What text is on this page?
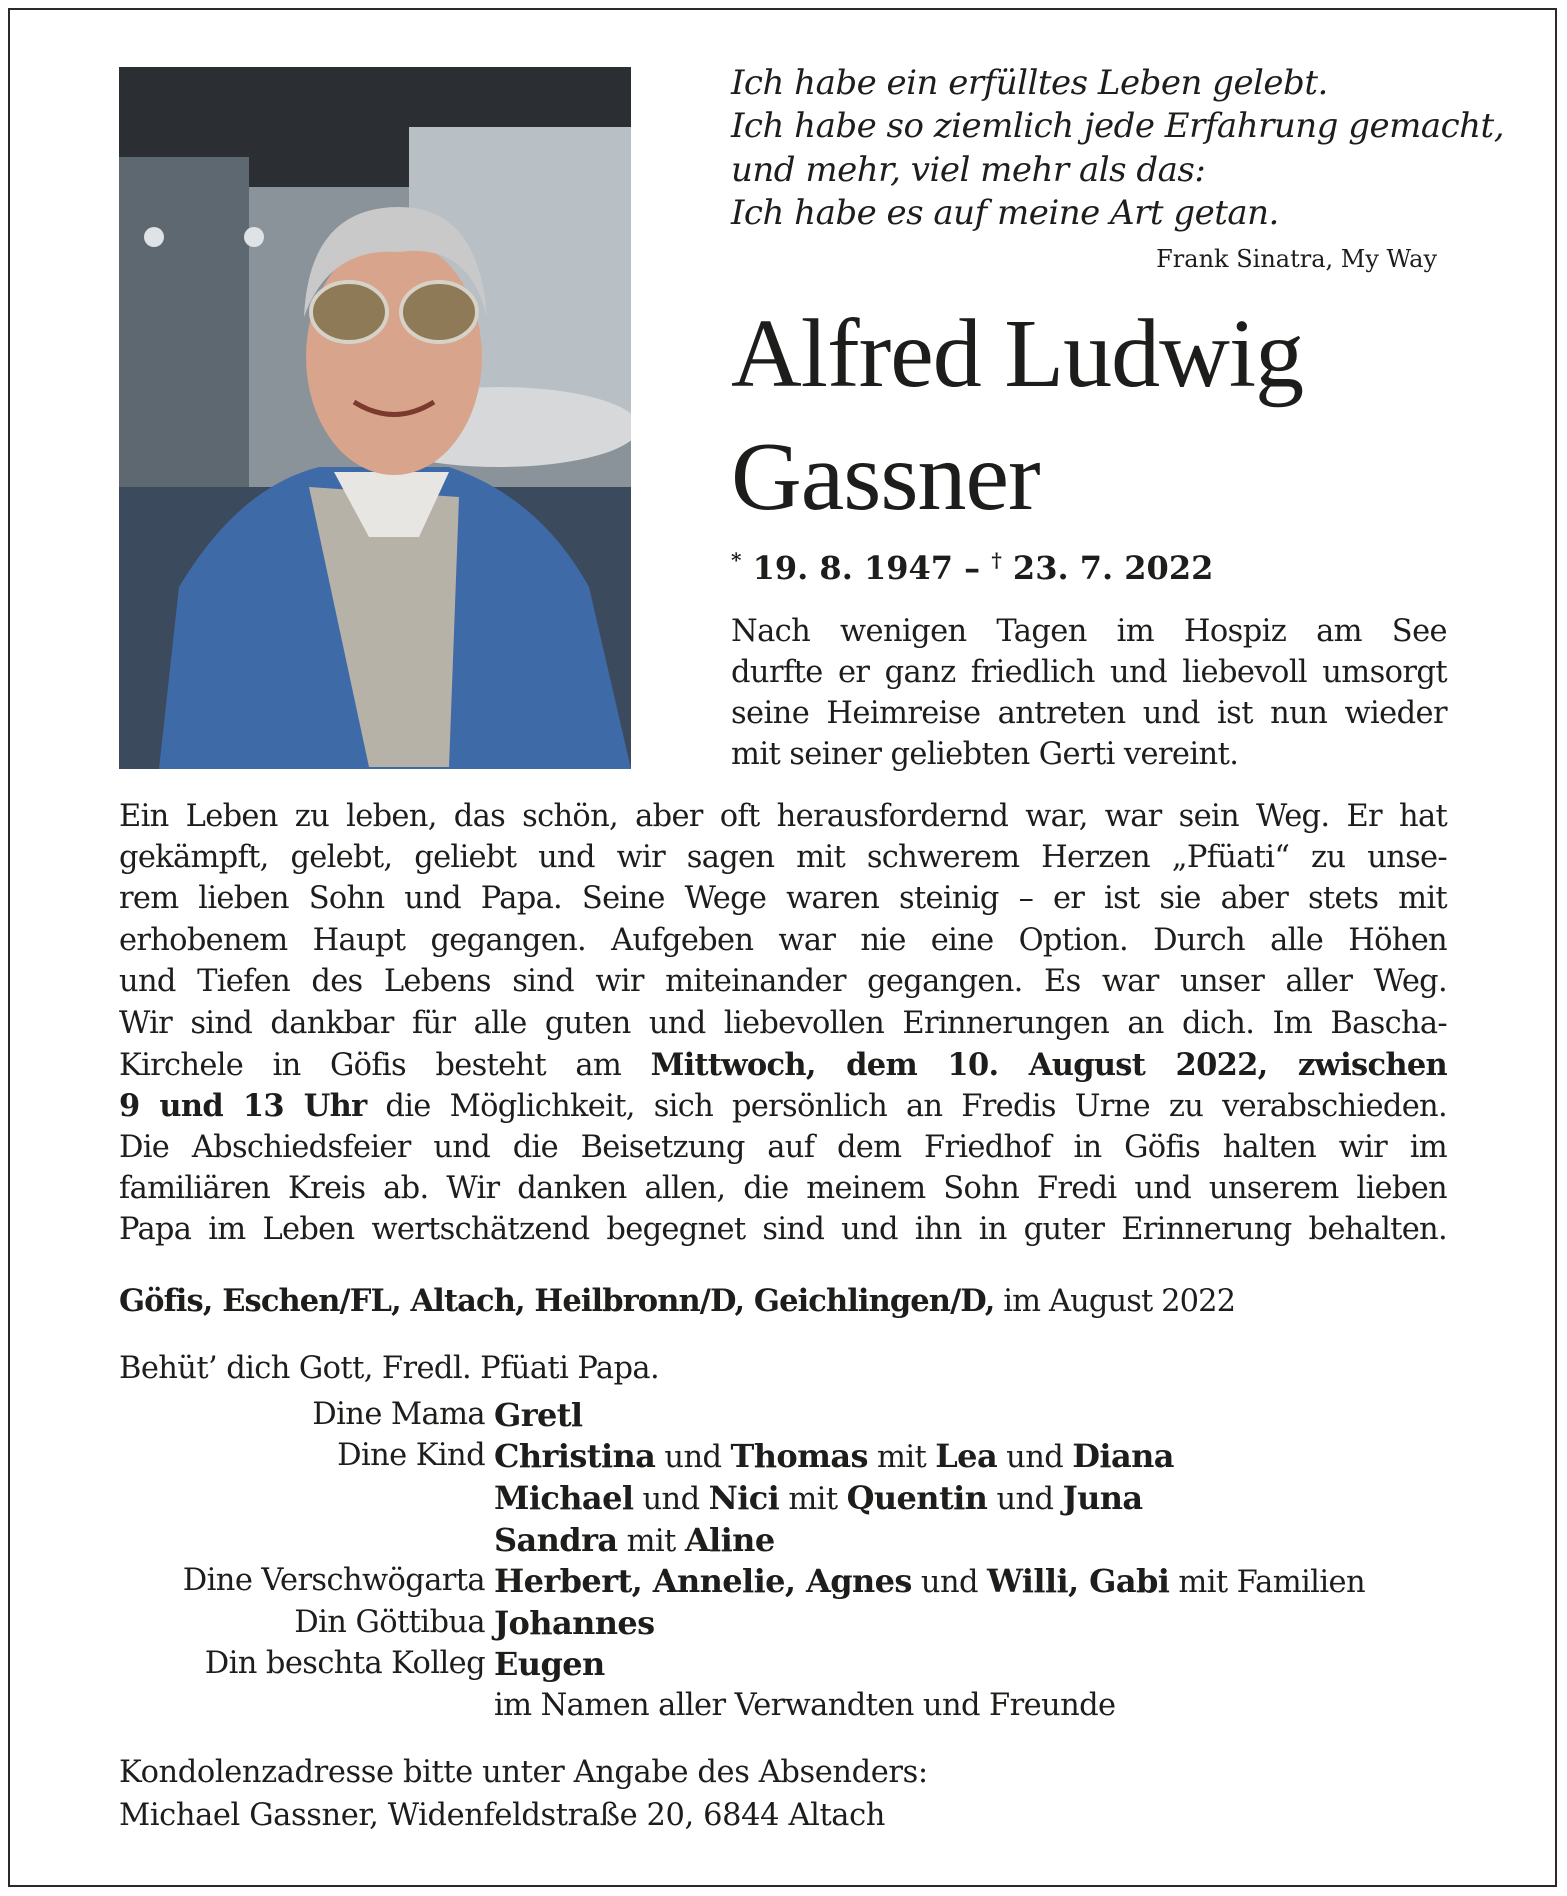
Ich habe ein erfülltes Leben gelebt.
Ich habe so ziemlich jede Erfahrung gemacht,
und mehr, viel mehr als das:
Ich habe es auf meine Art getan.
Frank Sinatra, My Way
Alfred Ludwig
Gassner
* 19. 8. 1947 – † 23. 7. 2022
Nach wenigen Tagen im Hospiz am See
durfte er ganz friedlich und liebevoll umsorgt
seine Heimreise antreten und ist nun wieder
mit seiner geliebten Gerti vereint.
Ein Leben zu leben, das schön, aber oft herausfordernd war, war sein Weg. Er hat
gekämpft, gelebt, geliebt und wir sagen mit schwerem Herzen „Pfüati“ zu unse-
rem lieben Sohn und Papa. Seine Wege waren steinig – er ist sie aber stets mit
erhobenem Haupt gegangen. Aufgeben war nie eine Option. Durch alle Höhen
und Tiefen des Lebens sind wir miteinander gegangen. Es war unser aller Weg.
Wir sind dankbar für alle guten und liebevollen Erinnerungen an dich. Im Bascha-
Kirchele in Göfis besteht am Mittwoch, dem 10. August 2022, zwischen
9 und 13 Uhr die Möglichkeit, sich persönlich an Fredis Urne zu verabschieden.
Die Abschiedsfeier und die Beisetzung auf dem Friedhof in Göfis halten wir im
familiären Kreis ab. Wir danken allen, die meinem Sohn Fredi und unserem lieben
Papa im Leben wertschätzend begegnet sind und ihn in guter Erinnerung behalten.
Göfis, Eschen/FL, Altach, Heilbronn/D, Geichlingen/D, im August 2022
Behüt’ dich Gott, Fredl. Pfüati Papa.
Dine Mama Gretl
Dine Kind Christina und Thomas mit Lea und Diana
Michael und Nici mit Quentin und Juna
Sandra mit Aline
Dine Verschwögarta Herbert, Annelie, Agnes und Willi, Gabi mit Familien
Din Göttibua Johannes
Din beschta Kolleg Eugen
im Namen aller Verwandten und Freunde
Kondolenzadresse bitte unter Angabe des Absenders:
Michael Gassner, Widenfeldstraße 20, 6844 Altach
